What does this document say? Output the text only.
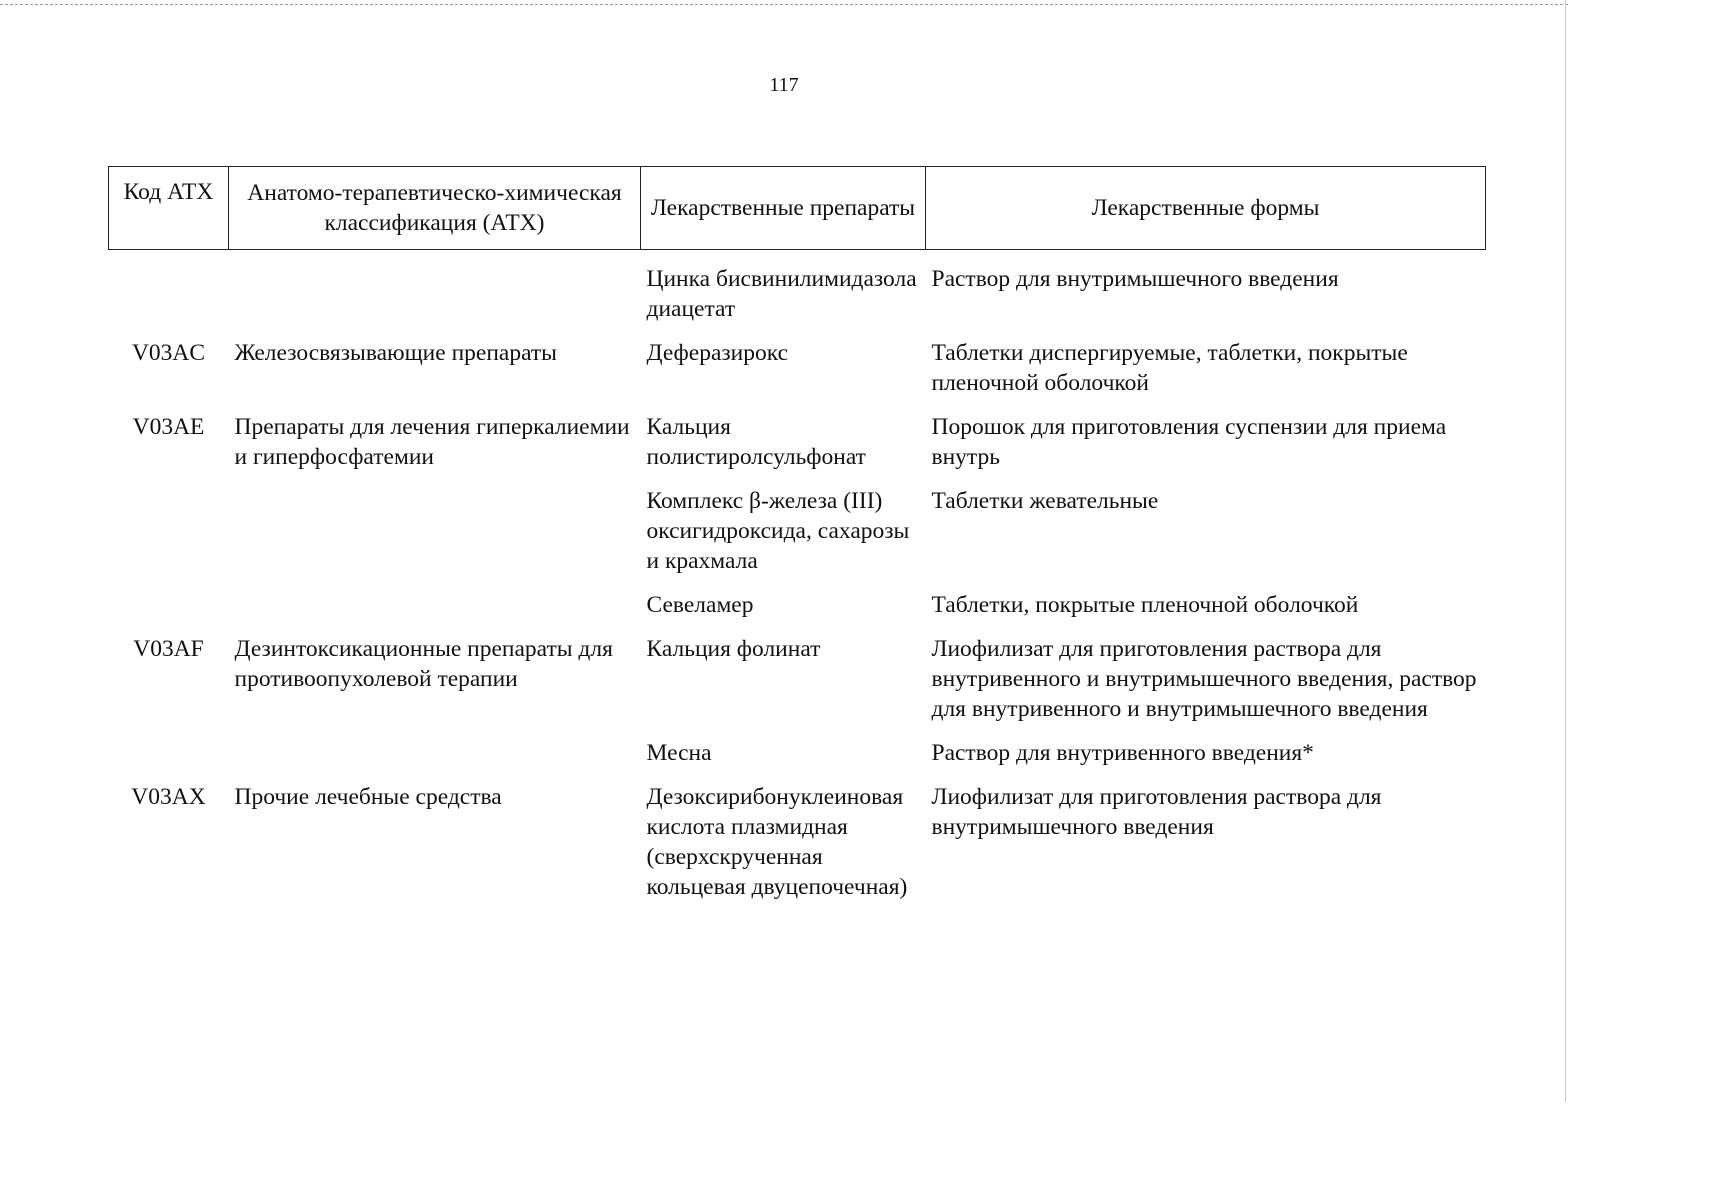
117
Код АТХ	Анатомо-терапевтическо-химическая классификация (АТХ)	Лекарственные препараты	Лекарственные формы
		Цинка бисвинилимидазола диацетат	Раствор для внутримышечного введения
V03AC	Железосвязывающие препараты	Деферазирокс	Таблетки диспергируемые, таблетки, покрытые пленочной оболочкой
V03AE	Препараты для лечения гиперкалиемии и гиперфосфатемии	Кальция полистиролсульфонат	Порошок для приготовления суспензии для приема внутрь
		Комплекс β-железа (III) оксигидроксида, сахарозы и крахмала	Таблетки жевательные
		Севеламер	Таблетки, покрытые пленочной оболочкой
V03AF	Дезинтоксикационные препараты для противоопухолевой терапии	Кальция фолинат	Лиофилизат для приготовления раствора для внутривенного и внутримышечного введения, раствор для внутривенного и внутримышечного введения
		Месна	Раствор для внутривенного введения*
V03AX	Прочие лечебные средства	Дезоксирибонуклеиновая кислота плазмидная (сверхскрученная кольцевая двуцепочечная)	Лиофилизат для приготовления раствора для внутримышечного введения
